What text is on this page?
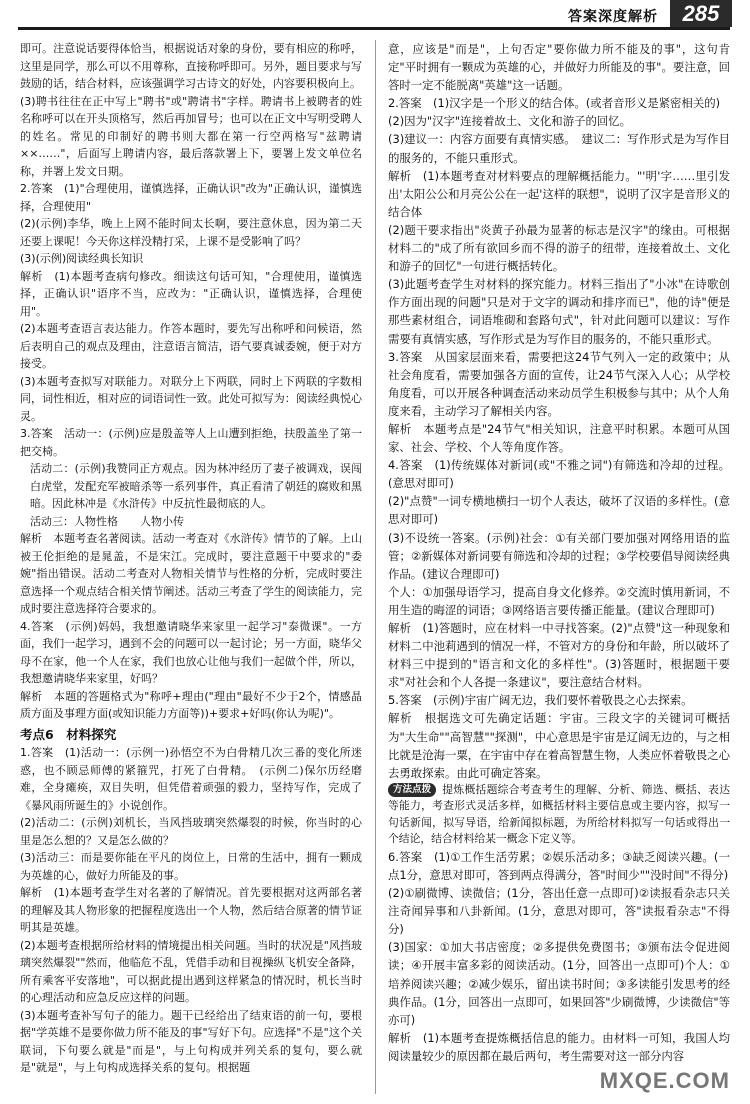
答案深度解析	285

即可。注意说话要得体恰当，根据说话对象的身份，要有相应的称呼，这里是同学，那么可以不用尊称，直接称呼即可。另外，题目要求与写鼓励的话，结合材料，应该强调学习古诗文的好处，内容要积极向上。

(3)聘书往往在正中写上"聘书"或"聘请书"字样。聘请书上被聘者的姓名称呼可以在开头顶格写，然后再加冒号；也可以在正文中写明受聘人的姓名。常见的印制好的聘书则大都在第一行空两格写"兹聘请××……"，后面写上聘请内容，最后落款署上下，要署上发文单位名称，并署上发文日期。

2.答案　(1)"合理使用，谨慎选择，正确认识"改为"正确认识，谨慎选择，合理使用"

(2)(示例)李华，晚上上网不能时间太长啊，要注意休息，因为第二天还要上课呢！今天你这样没精打采，上课不是受影响了吗？

(3)(示例)阅读经典长知识

解析　(1)本题考查病句修改。细读这句话可知，"合理使用，谨慎选择，正确认识"语序不当，应改为："正确认识，谨慎选择，合理使用"。

(2)本题考查语言表达能力。作答本题时，要先写出称呼和问候语，然后表明自己的观点及理由，注意语言简洁，语气要真诚委婉，便于对方接受。

(3)本题考查拟写对联能力。对联分上下两联，同时上下两联的字数相同，词性相近，相对应的词语词性一致。此处可拟写为：阅读经典悦心灵。

3.答案　活动一：(示例)应是殷盖等人上山遭到拒绝，扶殷盖坐了第一把交椅。

活动二：(示例)我赞同正方观点。因为林冲经历了妻子被调戏，误闯白虎堂，发配充军被暗杀等一系列事件，真正看清了朝廷的腐败和黑暗。因此林冲是《水浒传》中反抗性最彻底的人。

活动三：人物性格　　人物小传

解析　本题考查名著阅读。活动一考查对《水浒传》情节的了解。上山被王伦拒绝的是晁盖，不是宋江。完成时，要注意题干中要求的"委婉"指出错误。活动二考查对人物相关情节与性格的分析，完成时要注意选择一个观点结合相关情节阐述。活动三考查了学生的阅读能力，完成时要注意选择符合要求的。

4.答案　(示例)妈妈，我想邀请晓华来家里一起学习"泰微课"。一方面，我们一起学习，遇到不会的问题可以一起讨论；另一方面，晓华父母不在家，他一个人在家，我们也放心让他与我们一起做个伴，所以，我想邀请晓华来家里，好吗？

解析　本题的答题格式为"称呼+理由("理由"最好不少于2个，情感晶质方面及事理方面(或知识能力方面等))+要求+好吗(你认为呢)"。

考点6　材料探究

1.答案　(1)活动一：(示例一)孙悟空不为白骨精几次三番的变化所迷惑，也不顾忌师傅的紧箍咒，打死了白骨精。　(示例二)保尔历经磨难，全身瘫痪，双目失明，但凭借着顽强的毅力，坚持写作，完成了《暴风雨所诞生的》小说创作。

(2)活动二：(示例)刘机长，当风挡玻璃突然爆裂的时候，你当时的心里是怎么想的？又是怎么做的？

(3)活动三：而是要你能在平凡的岗位上，日常的生活中，拥有一颗成为英雄的心，做好力所能及的事。

解析　(1)本题考查学生对名著的了解情况。首先要根据对这两部名著的理解及其人物形象的把握程度选出一个人物，然后结合原著的情节证明其是英雄。

(2)本题考查根据所给材料的情境提出相关问题。当时的状况是"风挡玻璃突然爆裂""然而，他临危不乱，凭借手动和目视操纵飞机安全备降，所有乘客平安落地"，可以据此提出遇到这样紧急的情况时，机长当时的心理活动和应急反应这样的问题。

(3)本题考查补写句子的能力。题干已经给出了结束语的前一句，要根据"学英雄不是要你做力所不能及的事"写好下句。应选择"不是"这个关联词，下句要么就是"而是"，与上句构成并列关系的复句，要么就是"就是"，与上句构成选择关系的复句。根据题

意，应该是"而是"，上句否定"要你做力所不能及的事"，这句肯定"平时拥有一颗成为英雄的心，并做好力所能及的事"。要注意，回答时一定不能脱离"英雄"这一话题。

2.答案　(1)汉字是一个形义的结合体。(或者音形义是紧密相关的)

(2)因为"汉字"连接着故土、文化和游子的回忆。

(3)建议一：内容方面要有真情实感。　建议二：写作形式是为写作目的服务的，不能只重形式。

解析　(1)本题考查对材料要点的理解概括能力。"'明'字……里引发出'太阳公公和月亮公公在一起'这样的联想"，说明了汉字是音形义的结合体

(2)题干要求指出"炎黄子孙最为显著的标志是汉字"的缘由。可根据材料二的"成了所有欲回乡而不得的游子的纽带，连接着故土、文化和游子的回忆"一句进行概括转化。

(3)此题考查学生对材料的探究能力。材料三指出了"小冰"在诗歌创作方面出现的问题"只是对于文字的调动和排序而已"，他的诗"便是那些素材组合，词语堆砌和套路句式"，针对此问题可以建议：写作需要有真情实感，写作形式是为写作目的服务的，不能只重形式。

3.答案　从国家层面来看，需要把这24节气列入一定的政策中；从社会角度看，需要加强各方面的宣传，让24节气深入人心；从学校角度看，可以开展各种调查活动来动员学生积极参与其中；从个人角度来看，主动学习了解相关内容。

解析　本题考点是"24节气"相关知识，注意平时积累。本题可从国家、社会、学校、个人等角度作答。

4.答案　(1)传统媒体对新词(或"不雅之词")有筛选和冷却的过程。(意思对即可)

(2)"点赞"一词专横地横扫一切个人表达，破坏了汉语的多样性。(意思对即可)

(3)不设统一答案。(示例)社会：①有关部门要加强对网络用语的监管；②新媒体对新词要有筛选和冷却的过程；③学校要倡导阅读经典作品。(建议合理即可)

个人：①加强母语学习，提高自身文化修养。②交流时慎用新词，不用生造的晦涩的词语；③网络语言要传播正能量。(建议合理即可)

解析　(1)答题时，应在材料一中寻找答案。(2)"点赞"这一种现象和材料二中池莉遇到的情况一样，不管对方的身份和年龄，所以破坏了材料三中提到的"语言和文化的多样性"。(3)答题时，根据题干要求"对社会和个人各提一条建议"，要注意结合材料。

5.答案　(示例)宇宙广阔无边，我们要怀着敬畏之心去探索。

解析　根据选文可先确定话题：宇宙。三段文字的关键词可概括为"大生命""高智慧""探测"，中心意思是宇宙是辽阔无边的，与之相比就是沧海一粟，在宇宙中存在着高智慧生物，人类应怀着敬畏之心去勇敢探索。由此可确定答案。

方法点拨 提炼概括题综合考查考生的理解、分析、筛选、概括、表达等能力，考查形式灵活多样，如概括材料主要信息或主要内容，拟写一句话新闻，拟写导语，给新闻拟标题，为所给材料拟写一句话或得出一个结论，结合材料给某一概念下定义等。

6.答案　(1)①工作生活劳累；②娱乐活动多；③缺乏阅读兴趣。(一点1分，意思对即可，答到两点得满分，答"时间少""没时间"不得分)

(2)①刷微博、读微信；(1分，答出任意一点即可)②读报看杂志只关注奇闻异事和八卦新闻。(1分，意思对即可，答"读报看杂志"不得分)

(3)国家：①加大书店密度；②多提供免费图书；③颁布法令促进阅读；④开展丰富多彩的阅读活动。(1分，回答出一点即可)个人：①培养阅读兴趣；②减少娱乐，留出读书时间；③多读能引发思考的经典作品。(1分，回答出一点即可，如果回答"少刷微博，少读微信"等亦可)

解析　(1)本题考查提炼概括信息的能力。由材料一可知，我国人均阅读量较少的原因都在最后两句，考生需要对这一部分内容

MXQE.COM
